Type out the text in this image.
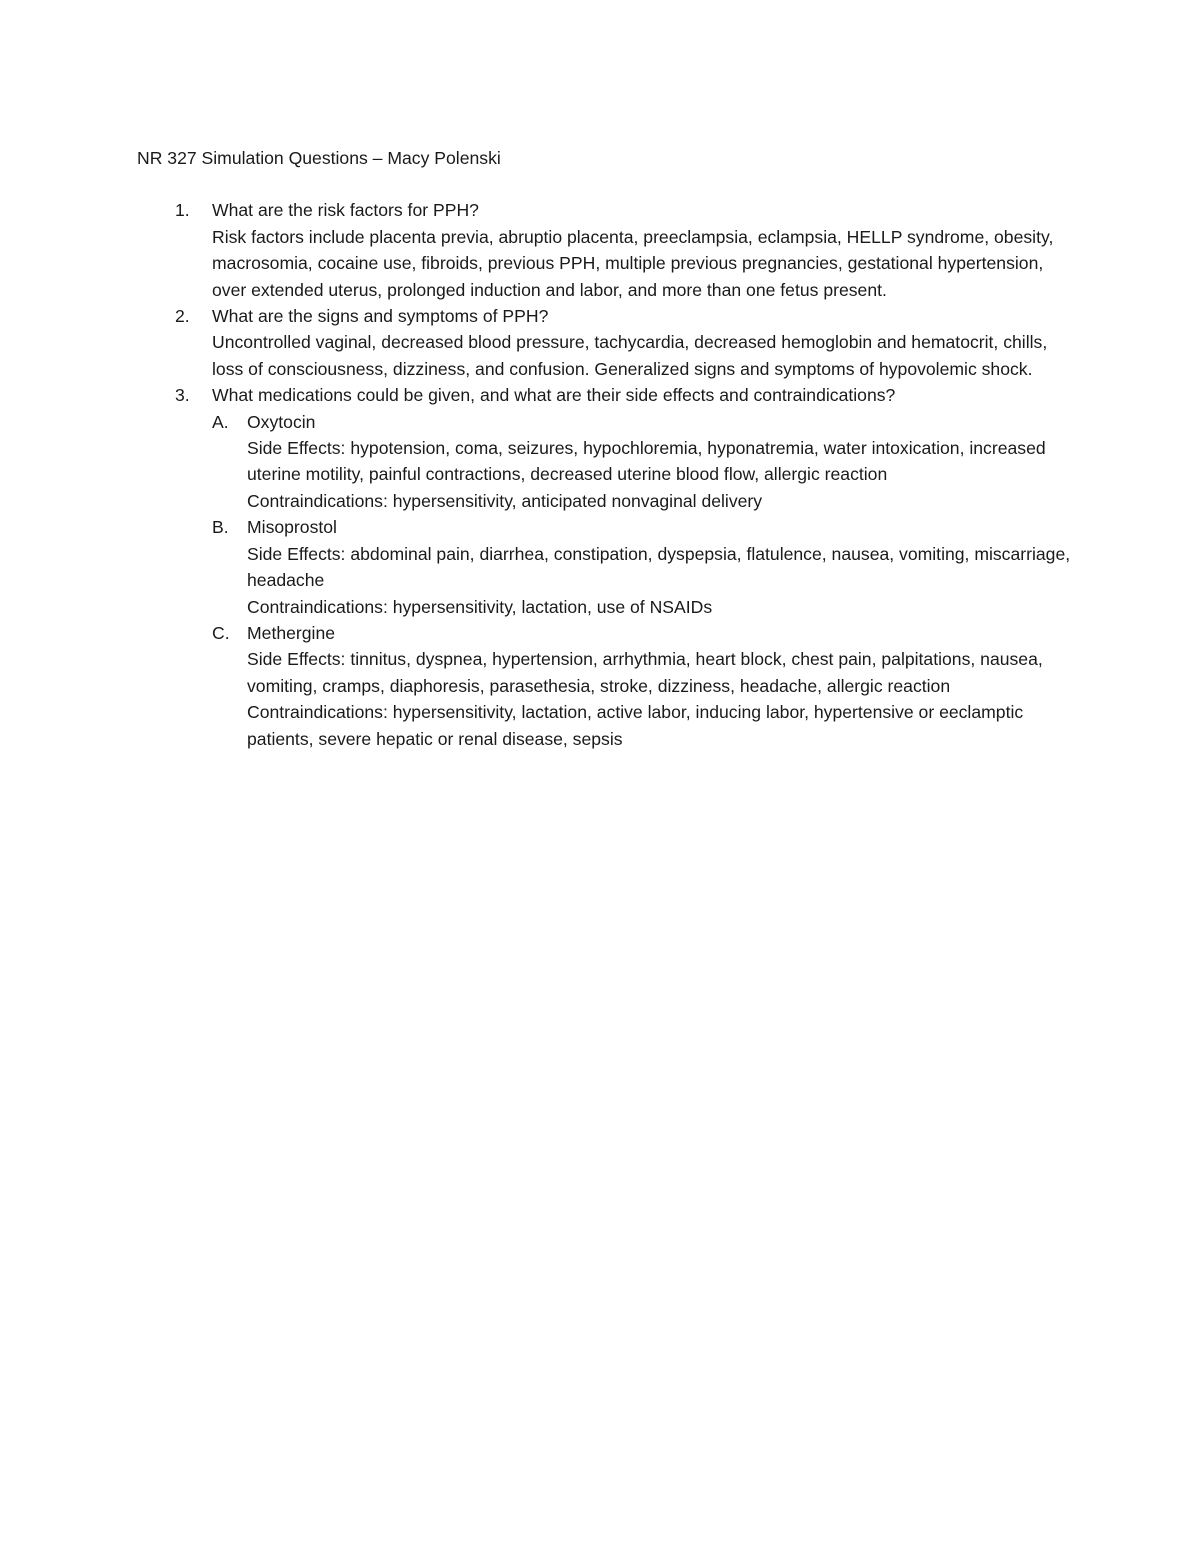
NR 327 Simulation Questions – Macy Polenski
1. What are the risk factors for PPH?
Risk factors include placenta previa, abruptio placenta, preeclampsia, eclampsia, HELLP syndrome, obesity, macrosomia, cocaine use, fibroids, previous PPH, multiple previous pregnancies, gestational hypertension, over extended uterus, prolonged induction and labor, and more than one fetus present.
2. What are the signs and symptoms of PPH?
Uncontrolled vaginal, decreased blood pressure, tachycardia, decreased hemoglobin and hematocrit, chills, loss of consciousness, dizziness, and confusion. Generalized signs and symptoms of hypovolemic shock.
3. What medications could be given, and what are their side effects and contraindications?
A. Oxytocin
Side Effects: hypotension, coma, seizures, hypochloremia, hyponatremia, water intoxication, increased uterine motility, painful contractions, decreased uterine blood flow, allergic reaction
Contraindications: hypersensitivity, anticipated nonvaginal delivery
B. Misoprostol
Side Effects: abdominal pain, diarrhea, constipation, dyspepsia, flatulence, nausea, vomiting, miscarriage, headache
Contraindications: hypersensitivity, lactation, use of NSAIDs
C. Methergine
Side Effects: tinnitus, dyspnea, hypertension, arrhythmia, heart block, chest pain, palpitations, nausea, vomiting, cramps, diaphoresis, parasethesia, stroke, dizziness, headache, allergic reaction
Contraindications: hypersensitivity, lactation, active labor, inducing labor, hypertensive or eeclamptic patients, severe hepatic or renal disease, sepsis
